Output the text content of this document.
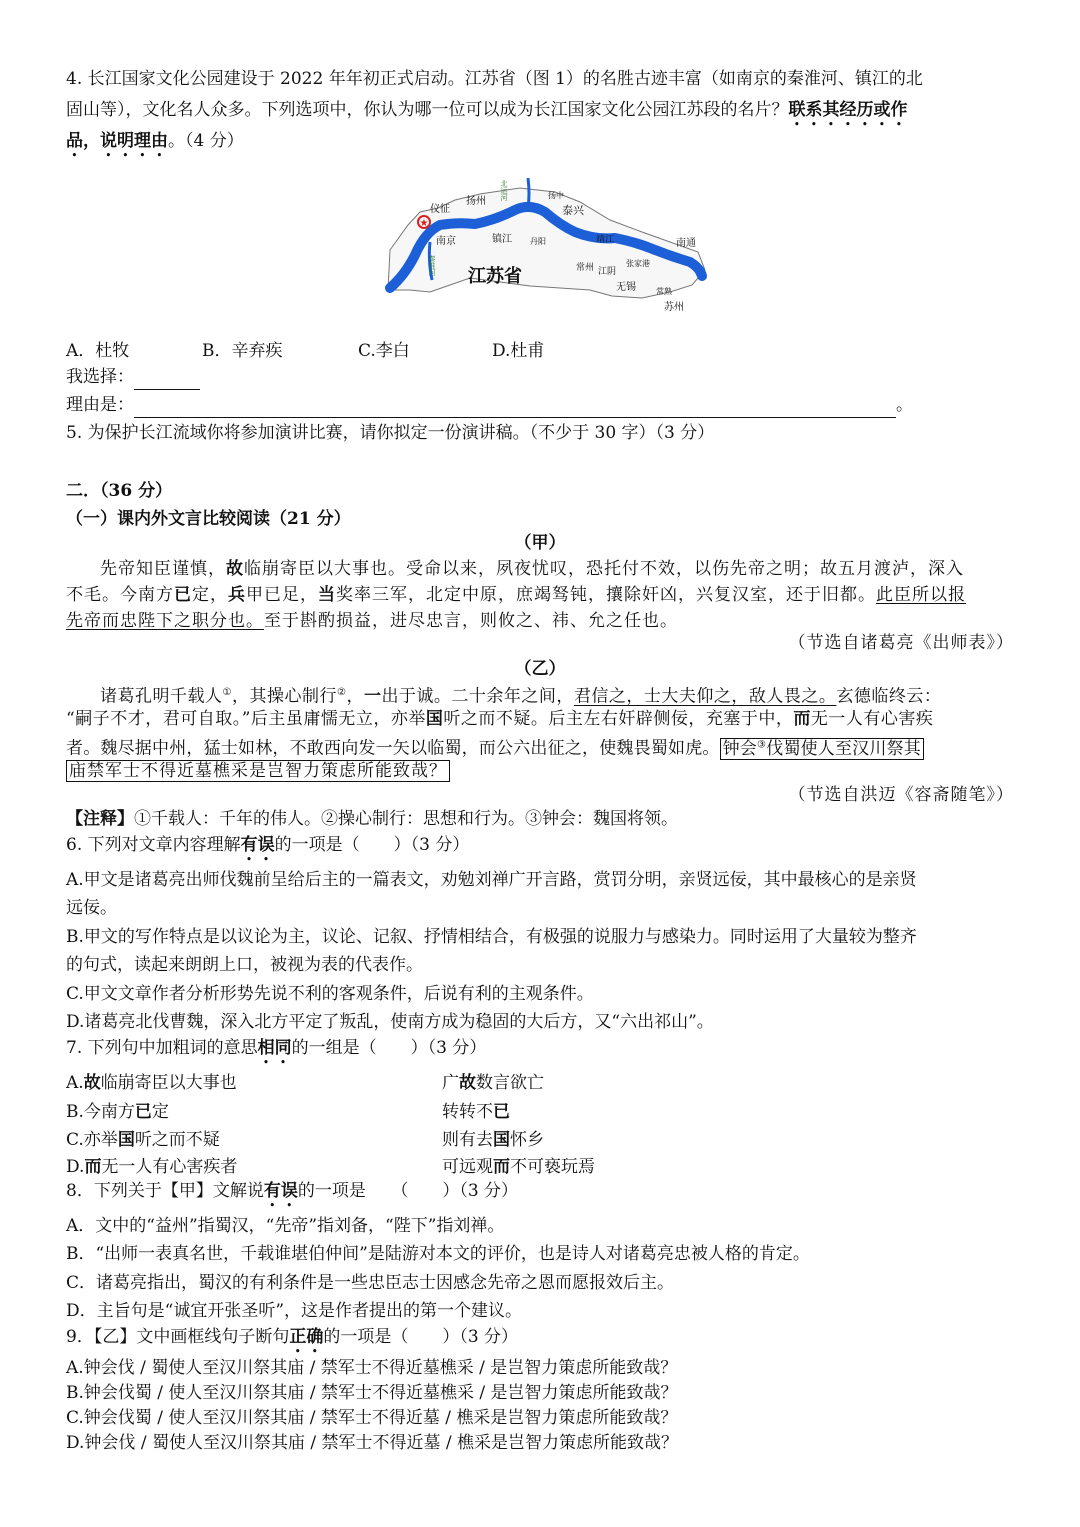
4. 长江国家文化公园建设于 2022 年年初正式启动。江苏省（图 1）的名胜古迹丰富（如南京的秦淮河、镇江的北
固山等），文化名人众多。下列选项中，你认为哪一位可以成为长江国家文化公园江苏段的名片？联系其经历或作
品，说明理由。（4 分）
★
仪征
扬州
北运河	扬中
泰兴
南京	镇江 丹阳	靖江	南通
秦淮河	常州 江阴
张家港
无锡	常熟
苏州
江苏省
A．杜牧	B．辛弃疾	C.李白	D.杜甫
我选择：
理由是：	。
5. 为保护长江流域你将参加演讲比赛，请你拟定一份演讲稿。（不少于 30 字）（3 分）
二．（36 分）
（一）课内外文言比较阅读（21 分）
（甲）
先帝知臣谨慎，故临崩寄臣以大事也。受命以来，夙夜忧叹，恐托付不效，以伤先帝之明；故五月渡泸，深入
不毛。今南方已定，兵甲已足，当奖率三军，北定中原，庶竭驽钝，攘除奸凶，兴复汉室，还于旧都。此臣所以报
先帝而忠陛下之职分也。至于斟酌损益，进尽忠言，则攸之、祎、允之任也。
（节选自诸葛亮《出师表》）
（乙）
诸葛孔明千载人①，其操心制行②，一出于诚。二十余年之间，君信之，士大夫仰之，敌人畏之。玄德临终云：
“嗣子不才，君可自取。”后主虽庸懦无立，亦举国听之而不疑。后主左右奸辟侧佞，充塞于中，而无一人有心害疾
者。魏尽据中州，猛士如林，不敢西向发一矢以临蜀，而公六出征之，使魏畏蜀如虎。 钟会③伐蜀使人至汉川祭其
庙禁军士不得近墓樵采是岂智力策虑所能致哉？
（节选自洪迈《容斋随笔》）
【注释】①千载人：千年的伟人。②操心制行：思想和行为。③钟会：魏国将领。
6. 下列对文章内容理解有误的一项是（　　）（3 分）
A.甲文是诸葛亮出师伐魏前呈给后主的一篇表文，劝勉刘禅广开言路，赏罚分明，亲贤远佞，其中最核心的是亲贤
远佞。
B.甲文的写作特点是以议论为主，议论、记叙、抒情相结合，有极强的说服力与感染力。同时运用了大量较为整齐
的句式，读起来朗朗上口，被视为表的代表作。
C.甲文文章作者分析形势先说不利的客观条件，后说有利的主观条件。
D.诸葛亮北伐曹魏，深入北方平定了叛乱，使南方成为稳固的大后方，又“六出祁山”。
7. 下列句中加粗词的意思相同的一组是（　　）（3 分）
A.故临崩寄臣以大事也	广故数言欲亡
B.今南方已定	转转不已
C.亦举国听之而不疑	则有去国怀乡
D.而无一人有心害疾者	可远观而不可亵玩焉
8．下列关于【甲】文解说有误的一项是　　（　　）（3 分）
A．文中的“益州”指蜀汉，“先帝”指刘备，“陛下”指刘禅。
B．“出师一表真名世，千载谁堪伯仲间”是陆游对本文的评价，也是诗人对诸葛亮忠被人格的肯定。
C．诸葛亮指出，蜀汉的有利条件是一些忠臣志士因感念先帝之恩而愿报效后主。
D．主旨句是“诚宜开张圣听”，这是作者提出的第一个建议。
9．【乙】文中画框线句子断句正确的一项是（　　）（3 分）
A.钟会伐 / 蜀使人至汉川祭其庙 / 禁军士不得近墓樵采 / 是岂智力策虑所能致哉？
B.钟会伐蜀 / 使人至汉川祭其庙 / 禁军士不得近墓樵采 / 是岂智力策虑所能致哉？
C.钟会伐蜀 / 使人至汉川祭其庙 / 禁军士不得近墓 / 樵采是岂智力策虑所能致哉？
D.钟会伐 / 蜀使人至汉川祭其庙 / 禁军士不得近墓 / 樵采是岂智力策虑所能致哉？
